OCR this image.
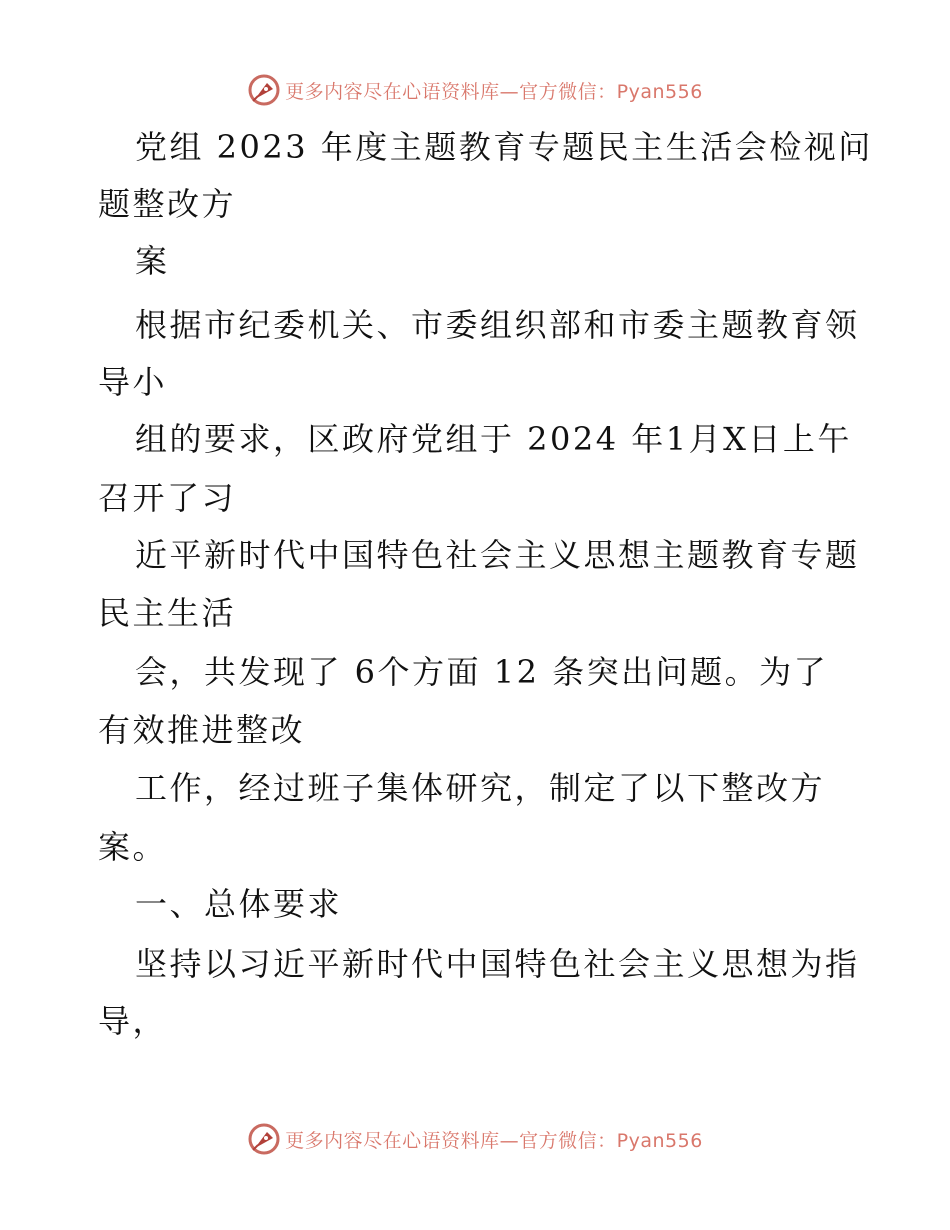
更多内容尽在心语资料库—官方微信：Pyan556
党组 2023 年度主题教育专题民主生活会检视问
题整改方
案
根据市纪委机关、市委组织部和市委主题教育领
导小
组的要求，区政府党组于 2024 年1月X日上午
召开了习
近平新时代中国特色社会主义思想主题教育专题
民主生活
会，共发现了 6个方面 12 条突出问题。为了
有效推进整改
工作，经过班子集体研究，制定了以下整改方
案。
一、总体要求
坚持以习近平新时代中国特色社会主义思想为指
导，
更多内容尽在心语资料库—官方微信：Pyan556
